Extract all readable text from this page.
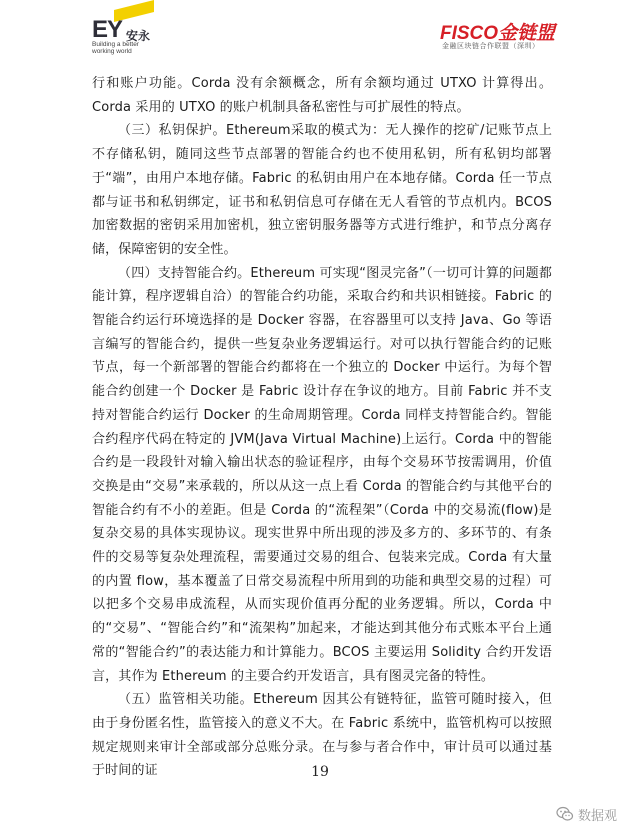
EY 安永
Building a better working world
FISCO金链盟
金融区块链合作联盟（深圳）

行和账户功能。Corda 没有余额概念，所有余额均通过 UTXO 计算得出。Corda 采用的 UTXO 的账户机制具备私密性与可扩展性的特点。

（三）私钥保护。Ethereum采取的模式为：无人操作的挖矿/记账节点上不存储私钥，随同这些节点部署的智能合约也不使用私钥，所有私钥均部署于“端”，由用户本地存储。Fabric 的私钥由用户在本地存储。Corda 任一节点都与证书和私钥绑定，证书和私钥信息可存储在无人看管的节点机内。BCOS 加密数据的密钥采用加密机，独立密钥服务器等方式进行维护，和节点分离存储，保障密钥的安全性。

（四）支持智能合约。Ethereum 可实现“图灵完备”（一切可计算的问题都能计算，程序逻辑自洽）的智能合约功能，采取合约和共识相链接。Fabric 的智能合约运行环境选择的是 Docker 容器，在容器里可以支持 Java、Go 等语言编写的智能合约，提供一些复杂业务逻辑运行。对可以执行智能合约的记账节点，每一个新部署的智能合约都将在一个独立的 Docker 中运行。为每个智能合约创建一个 Docker 是 Fabric 设计存在争议的地方。目前 Fabric 并不支持对智能合约运行 Docker 的生命周期管理。Corda 同样支持智能合约。智能合约程序代码在特定的 JVM(Java Virtual Machine)上运行。Corda 中的智能合约是一段段针对输入输出状态的验证程序，由每个交易环节按需调用，价值交换是由“交易”来承载的，所以从这一点上看 Corda 的智能合约与其他平台的智能合约有不小的差距。但是 Corda 的“流程架”（Corda 中的交易流(flow)是复杂交易的具体实现协议。现实世界中所出现的涉及多方的、多环节的、有条件的交易等复杂处理流程，需要通过交易的组合、包装来完成。Corda 有大量的内置 flow，基本覆盖了日常交易流程中所用到的功能和典型交易的过程）可以把多个交易串成流程，从而实现价值再分配的业务逻辑。所以，Corda 中的“交易”、“智能合约”和“流架构”加起来，才能达到其他分布式账本平台上通常的“智能合约”的表达能力和计算能力。BCOS 主要运用 Solidity 合约开发语言，其作为 Ethereum 的主要合约开发语言，具有图灵完备的特性。

（五）监管相关功能。Ethereum 因其公有链特征，监管可随时接入，但由于身份匿名性，监管接入的意义不大。在 Fabric 系统中，监管机构可以按照规定规则来审计全部或部分总账分录。在与参与者合作中，审计员可以通过基于时间的证	19
数据观
